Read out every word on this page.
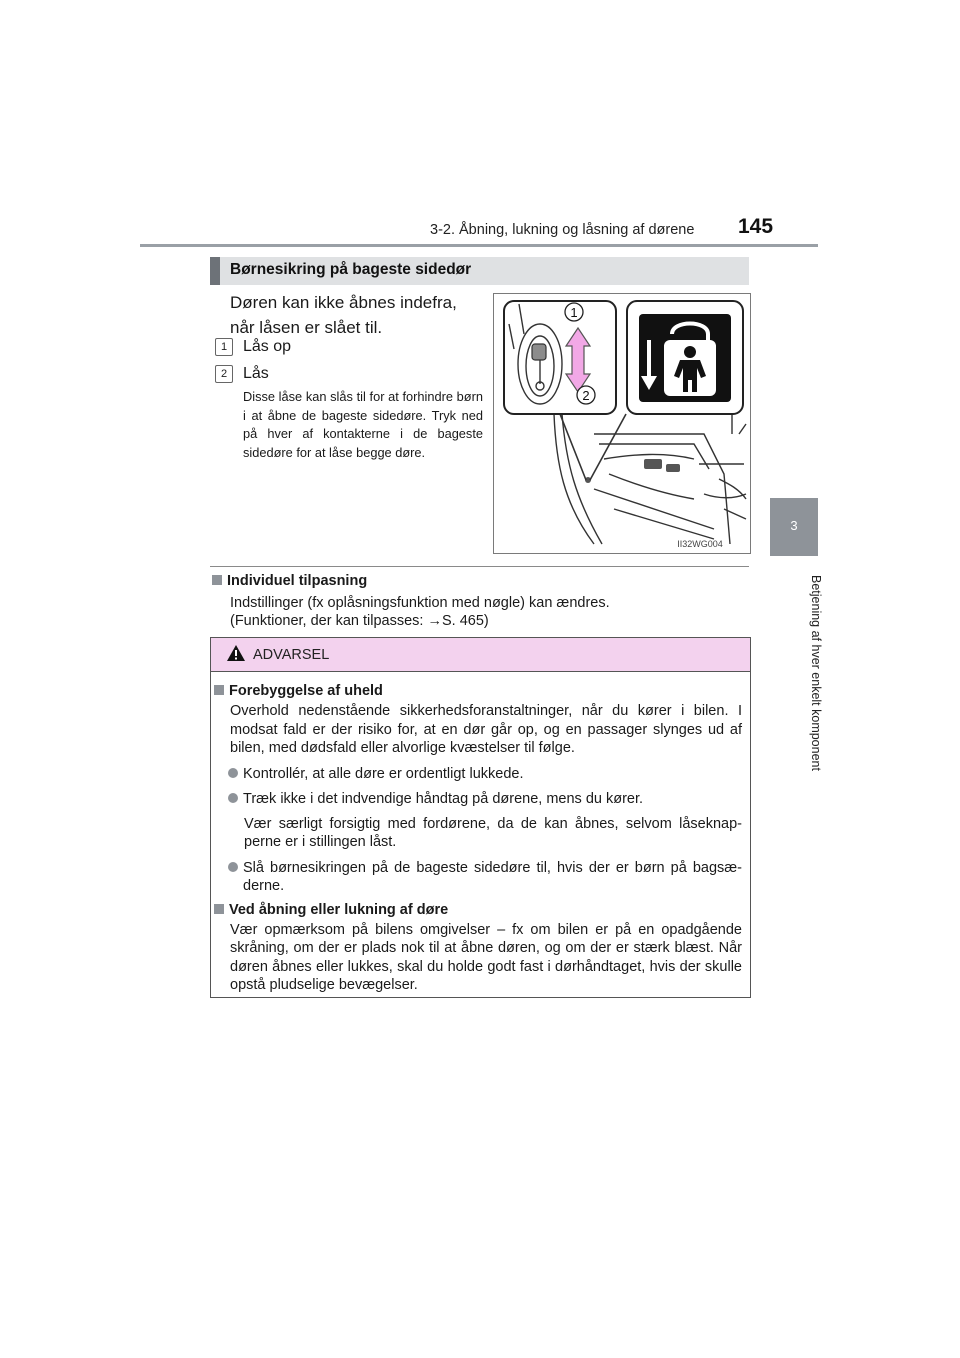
3-2. Åbning, lukning og låsning af dørene 145
3
Betjening af hver enkelt komponent
Børnesikring på bageste sidedør
Døren kan ikke åbnes indefra, når låsen er slået til.
1 Lås op
2 Lås
Disse låse kan slås til for at forhindre børn i at åbne de bageste sidedøre. Tryk ned på hver af kontakterne i de bageste sidedøre for at låse begge døre.
1
2
II32WG004
Individuel tilpasning
Indstillinger (fx oplåsningsfunktion med nøgle) kan ændres.
(Funktioner, der kan tilpasses: →S. 465)
ADVARSEL
Forebyggelse af uheld
Overhold nedenstående sikkerhedsforanstaltninger, når du kører i bilen. I modsat fald er der risiko for, at en dør går op, og en passager slynges ud af bilen, med dødsfald eller alvorlige kvæstelser til følge.
Kontrollér, at alle døre er ordentligt lukkede.
Træk ikke i det indvendige håndtag på dørene, mens du kører.
Vær særligt forsigtig med fordørene, da de kan åbnes, selvom låseknap-perne er i stillingen låst.
Slå børnesikringen på de bageste sidedøre til, hvis der er børn på bagsæ-derne.
Ved åbning eller lukning af døre
Vær opmærksom på bilens omgivelser – fx om bilen er på en opadgående skråning, om der er plads nok til at åbne døren, og om der er stærk blæst. Når døren åbnes eller lukkes, skal du holde godt fast i dørhåndtaget, hvis der skulle opstå pludselige bevægelser.
